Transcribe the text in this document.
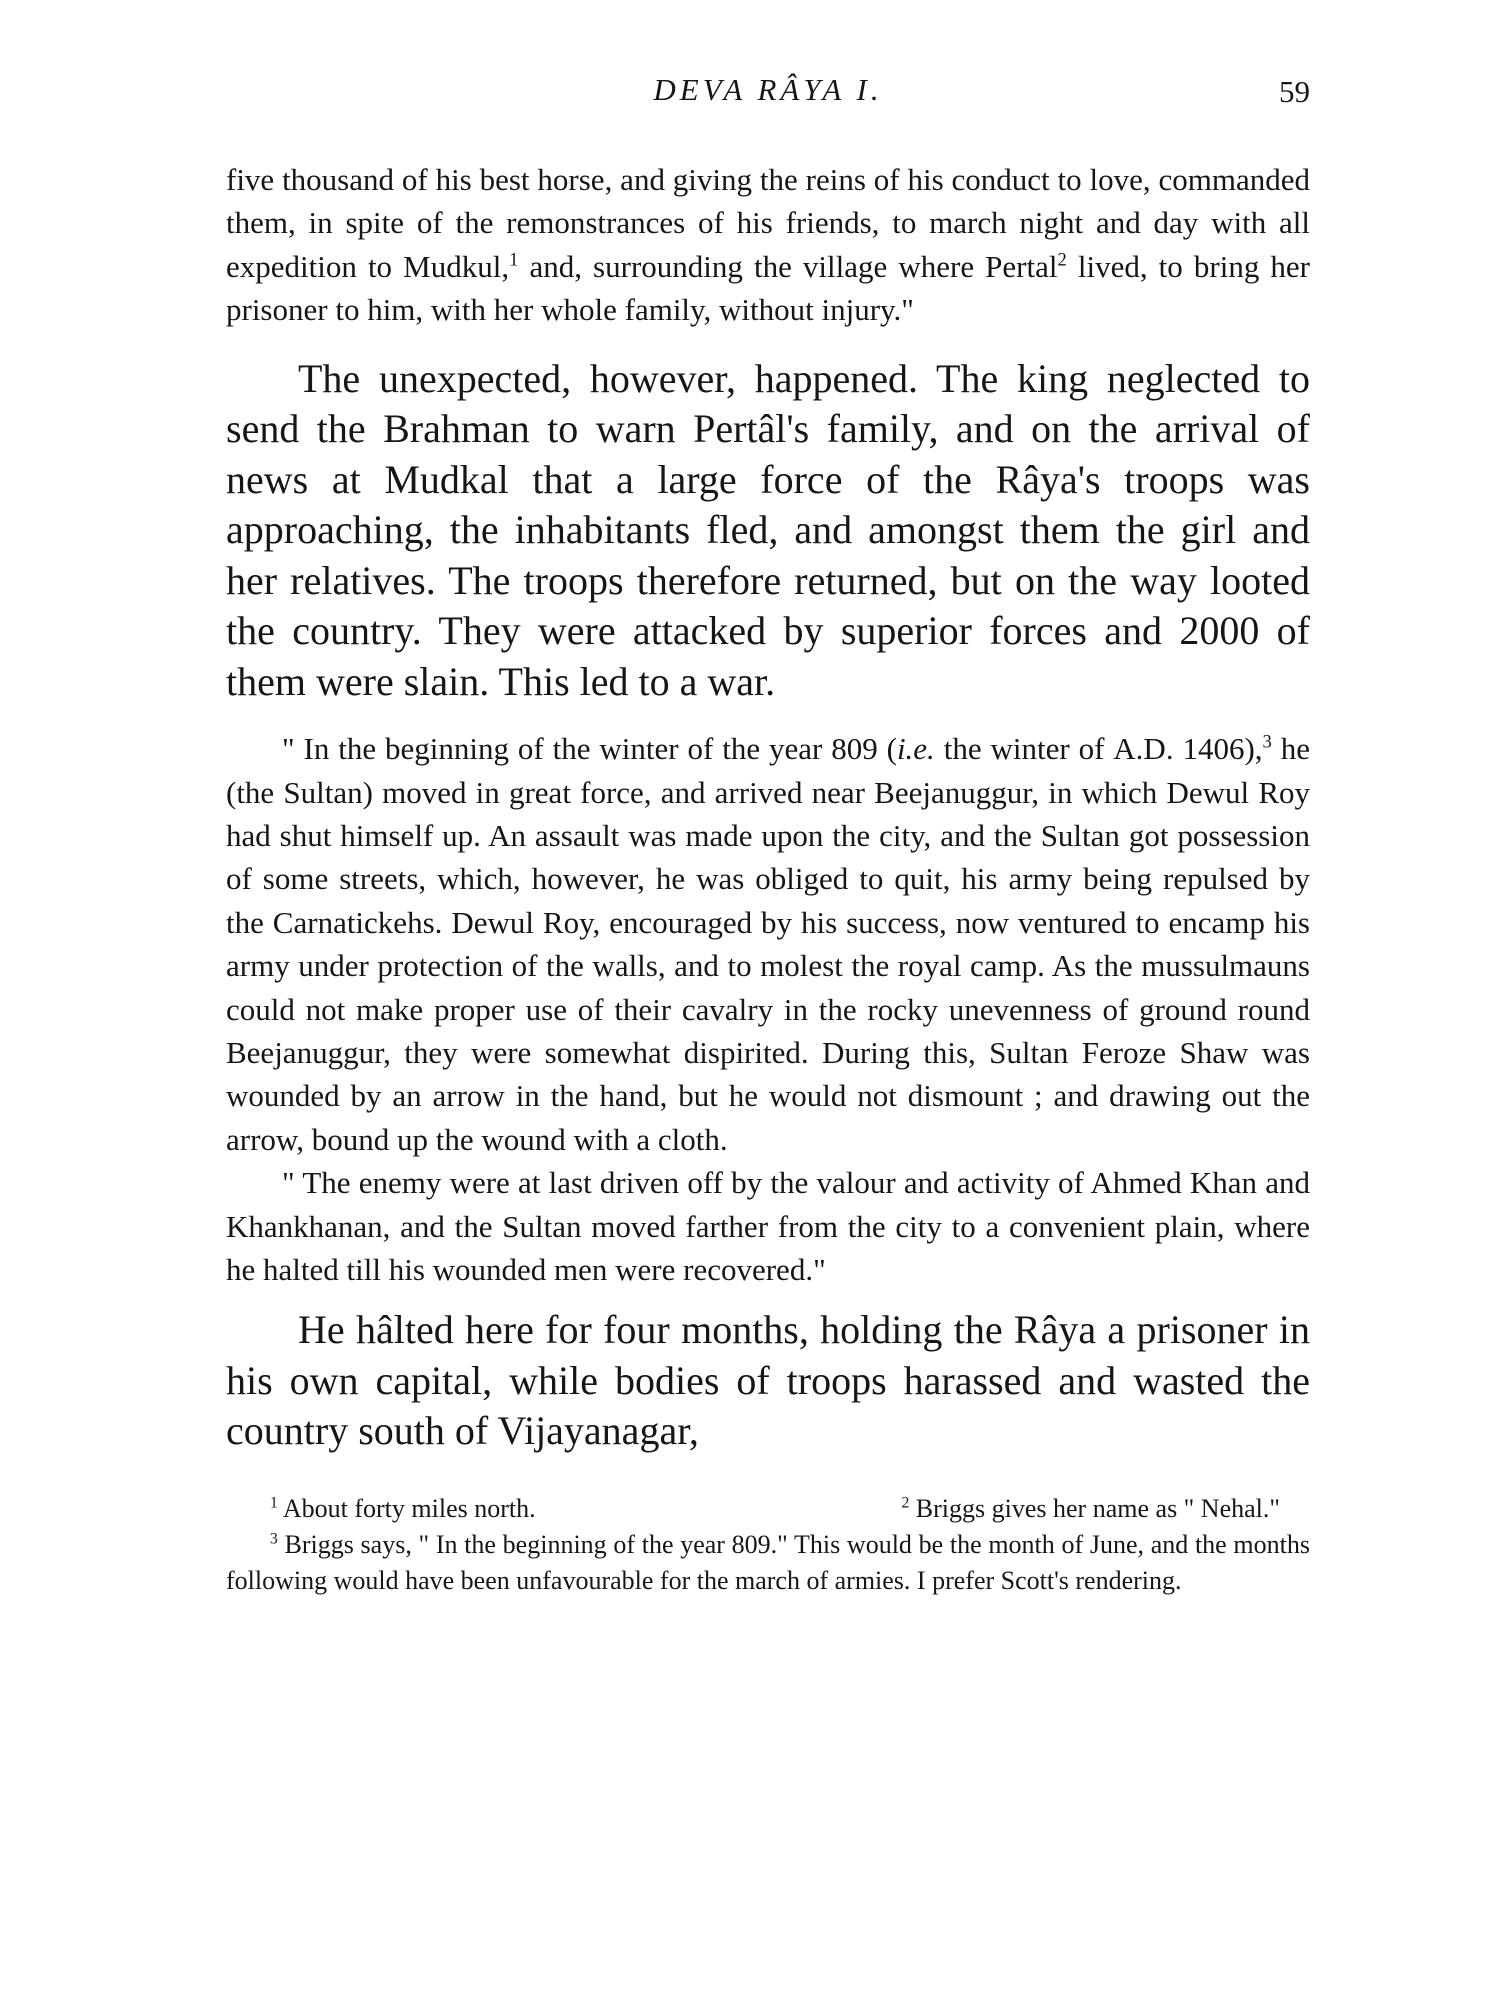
DEVA RÂYA I.	59

five thousand of his best horse, and giving the reins of his conduct to love, commanded them, in spite of the remonstrances of his friends, to march night and day with all expedition to Mudkul,$^1$ and, surrounding the village where Pertal$^2$ lived, to bring her prisoner to him, with her whole family, without injury."

The unexpected, however, happened. The king neglected to send the Brahman to warn Pertâl's family, and on the arrival of news at Mudkal that a large force of the Râya's troops was approaching, the inhabitants fled, and amongst them the girl and her relatives. The troops therefore returned, but on the way looted the country. They were attacked by superior forces and 2000 of them were slain. This led to a war.

" In the beginning of the winter of the year 809 (i.e. the winter of A.D. 1406),$^3$ he (the Sultan) moved in great force, and arrived near Beejanuggur, in which Dewul Roy had shut himself up. An assault was made upon the city, and the Sultan got possession of some streets, which, however, he was obliged to quit, his army being repulsed by the Carnatickehs. Dewul Roy, encouraged by his success, now ventured to encamp his army under protection of the walls, and to molest the royal camp. As the mussulmauns could not make proper use of their cavalry in the rocky unevenness of ground round Beejanuggur, they were somewhat dispirited. During this, Sultan Feroze Shaw was wounded by an arrow in the hand, but he would not dismount ; and drawing out the arrow, bound up the wound with a cloth.

" The enemy were at last driven off by the valour and activity of Ahmed Khan and Khankhanan, and the Sultan moved farther from the city to a convenient plain, where he halted till his wounded men were recovered."

He hâlted here for four months, holding the Râya a prisoner in his own capital, while bodies of troops harassed and wasted the country south of Vijayanagar,

$^1$ About forty miles north.	$^2$ Briggs gives her name as " Nehal."

$^3$ Briggs says, " In the beginning of the year 809." This would be the month of June, and the months following would have been unfavourable for the march of armies. I prefer Scott's rendering.
